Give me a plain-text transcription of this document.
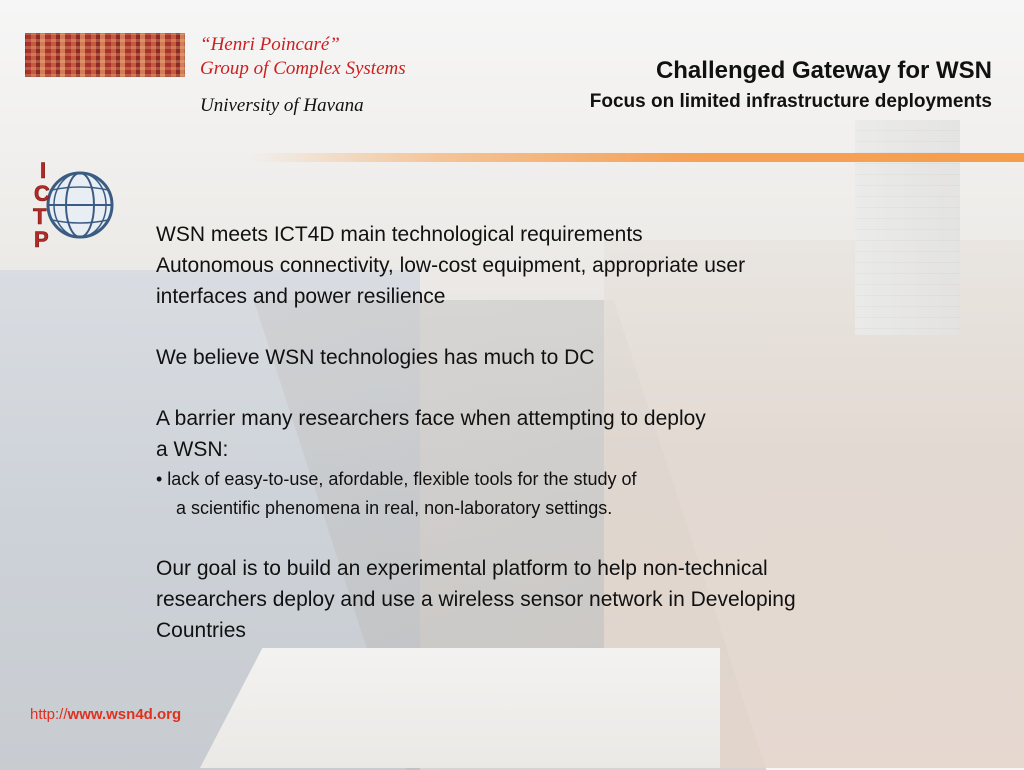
“Henri Poincaré”
Group of Complex Systems
University of Havana
Challenged Gateway for WSN
Focus on limited infrastructure deployments
I
C
T
P	WSN meets ICT4D main technological requirements

Autonomous connectivity, low-cost equipment, appropriate user

interfaces and power resilience

We believe WSN technologies has much to DC

A barrier many researchers face when attempting to deploy

a WSN:

• lack of easy-to-use, afordable, flexible tools for the study of

a scientific phenomena in real, non-laboratory settings.

Our goal is to build an experimental platform to help non-technical

researchers deploy and use a wireless sensor network in Developing

Countries

http://www.wsn4d.org
